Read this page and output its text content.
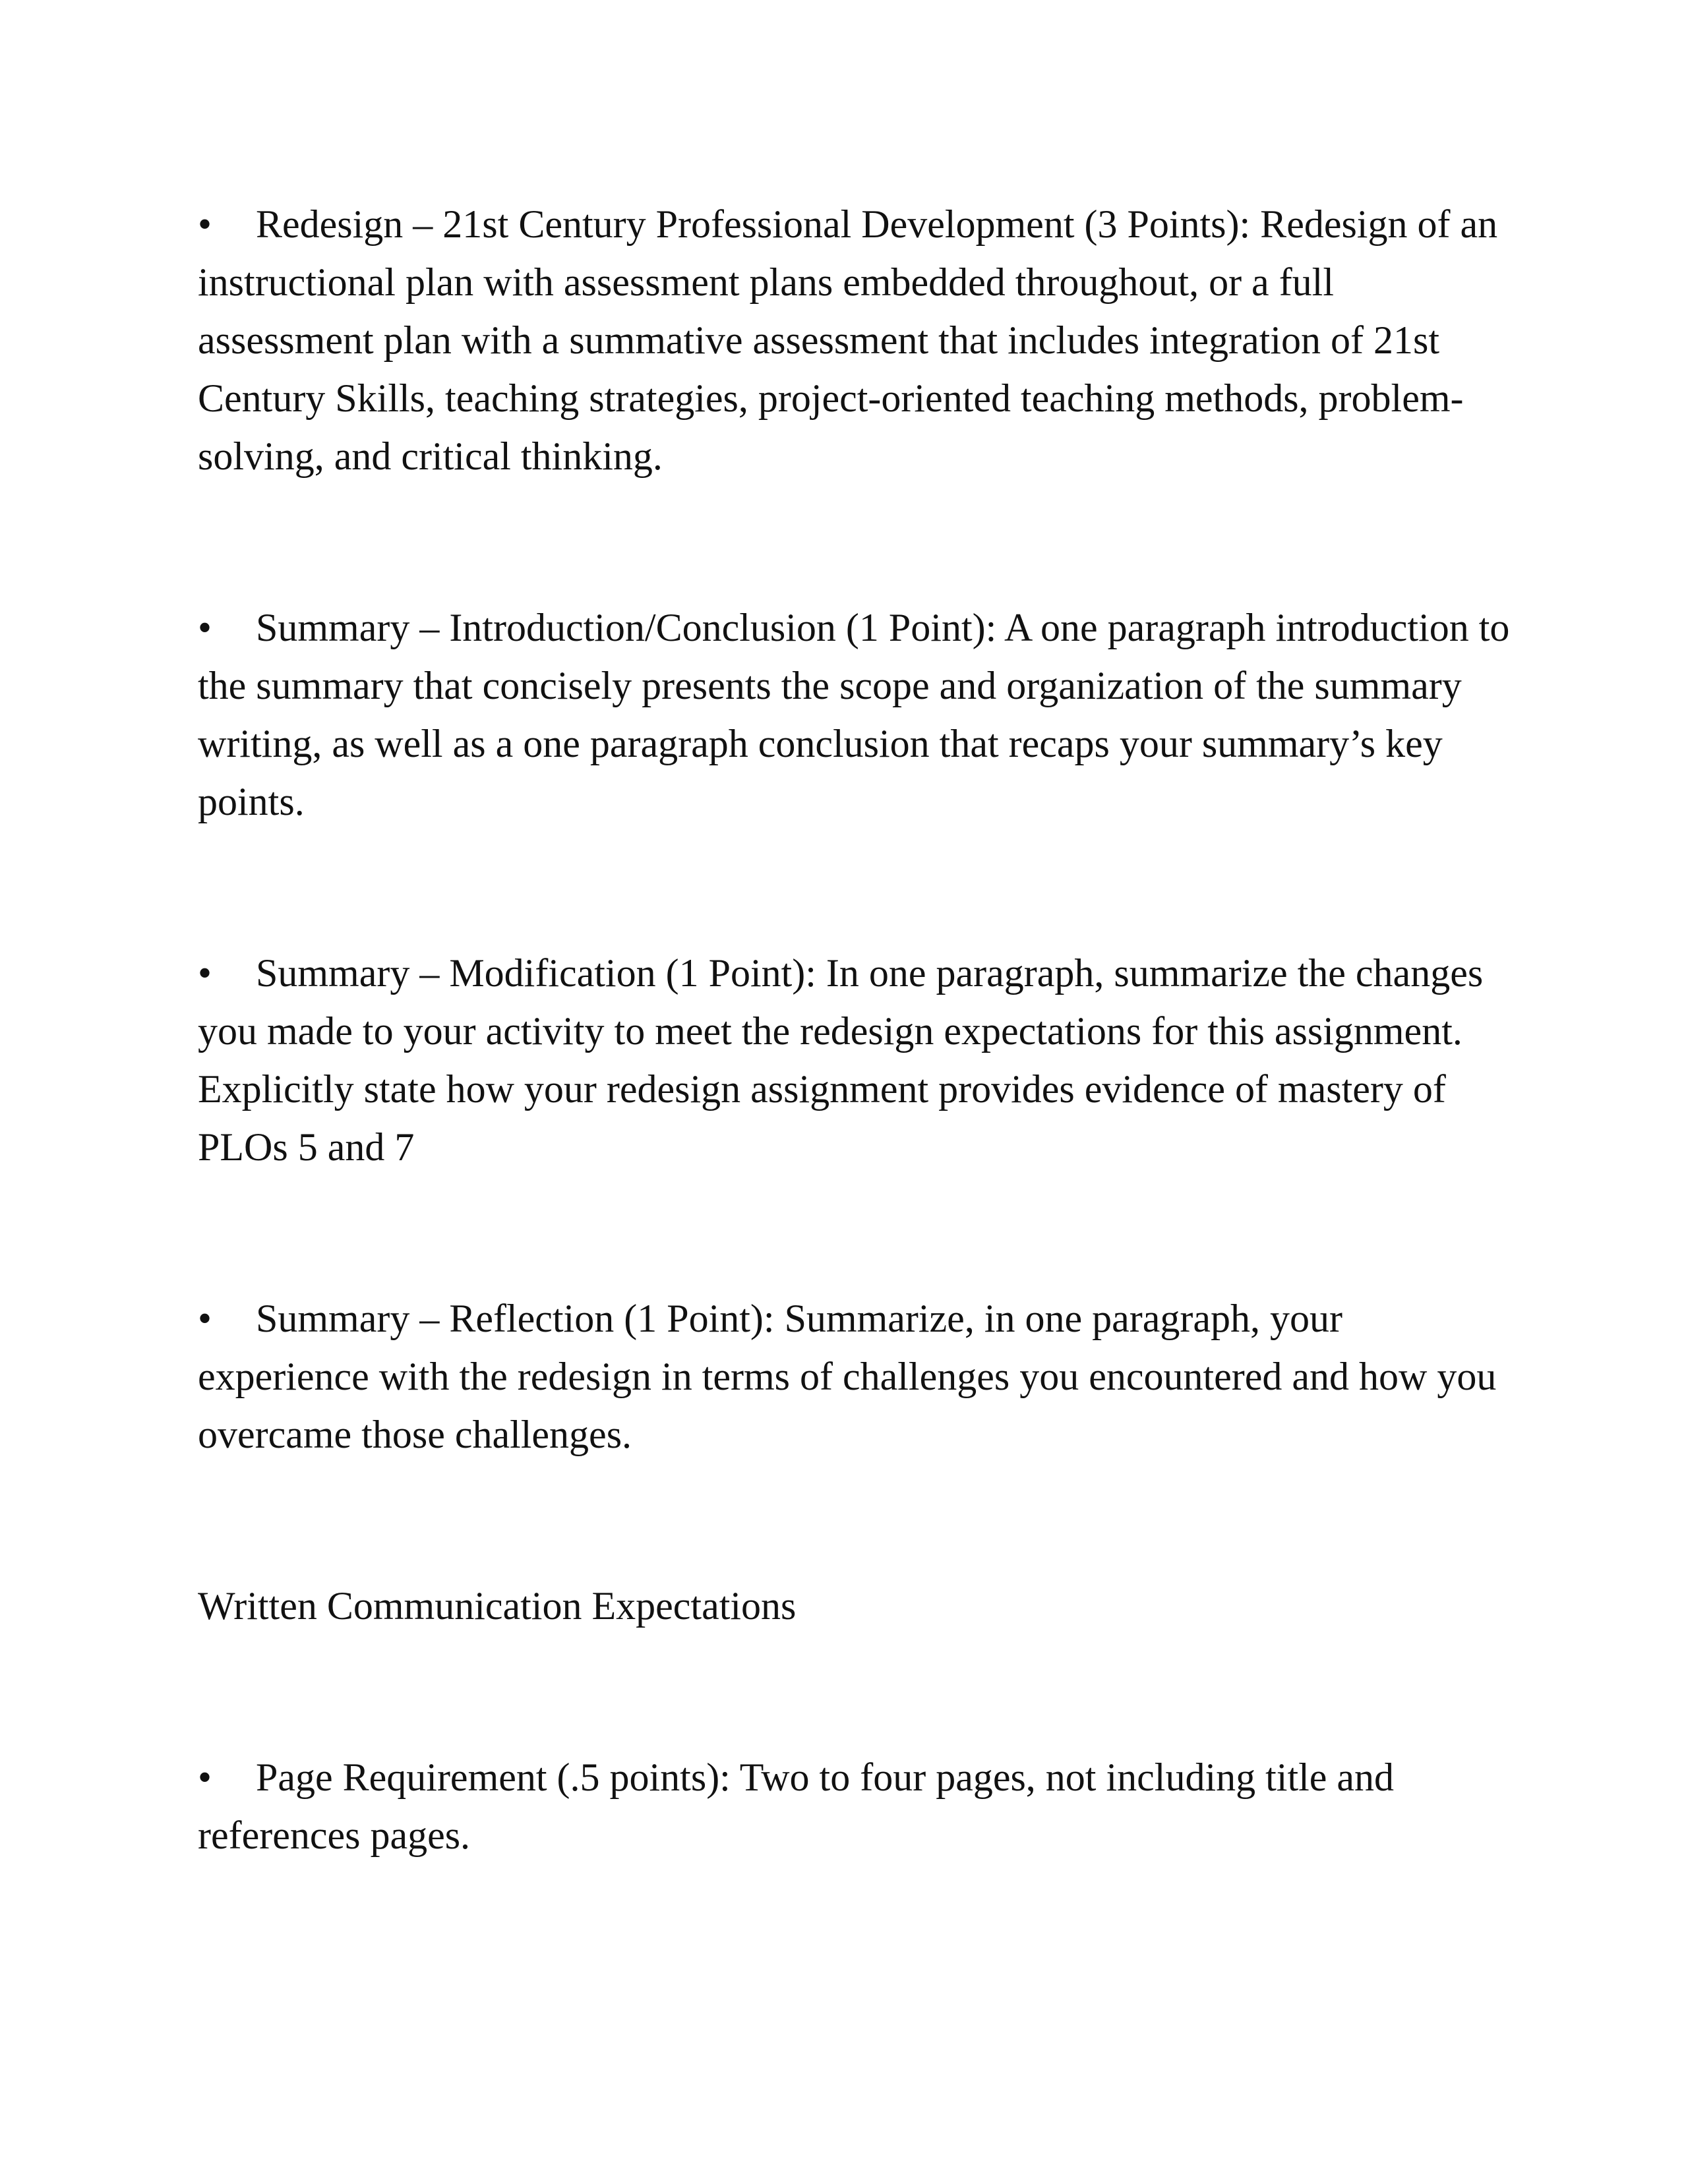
• Redesign – 21st Century Professional Development (3 Points): Redesign of an instructional plan with assessment plans embedded throughout, or a full assessment plan with a summative assessment that includes integration of 21st Century Skills, teaching strategies, project-oriented teaching methods, problem-solving, and critical thinking.

• Summary – Introduction/Conclusion (1 Point): A one paragraph introduction to the summary that concisely presents the scope and organization of the summary writing, as well as a one paragraph conclusion that recaps your summary’s key points.

• Summary – Modification (1 Point): In one paragraph, summarize the changes you made to your activity to meet the redesign expectations for this assignment. Explicitly state how your redesign assignment provides evidence of mastery of PLOs 5 and 7

• Summary – Reflection (1 Point): Summarize, in one paragraph, your experience with the redesign in terms of challenges you encountered and how you overcame those challenges.

Written Communication Expectations

• Page Requirement (.5 points): Two to four pages, not including title and references pages.
